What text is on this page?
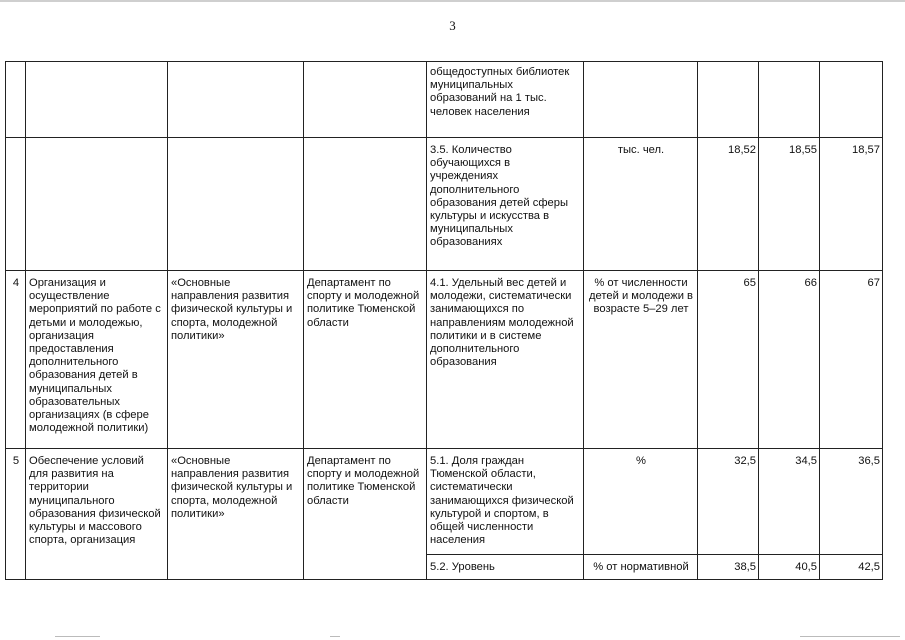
3
				общедоступных библиотек муниципальных образований на 1 тыс. человек населения				
				3.5. Количество обучающихся в учреждениях дополнительного образования детей сферы культуры и искусства в муниципальных образованиях	тыс. чел.	18,52	18,55	18,57
4	Организация и осуществление мероприятий по работе с детьми и молодежью, организация предоставления дополнительного образования детей в муниципальных образовательных организациях (в сфере молодежной политики)	«Основные направления развития физической культуры и спорта, молодежной политики»	Департамент по спорту и молодежной политике Тюменской области	4.1. Удельный вес детей и молодежи, систематически занимающихся по направлениям молодежной политики и в системе дополнительного образования	% от численности детей и молодежи в возрасте 5–29 лет	65	66	67
5	Обеспечение условий для развития на территории муниципального образования физической культуры и массового спорта, организация	«Основные направления развития физической культуры и спорта, молодежной политики»	Департамент по спорту и молодежной политике Тюменской области	5.1. Доля граждан Тюменской области, систематически занимающихся физической культурой и спортом, в общей численности населения	%	32,5	34,5	36,5
				5.2. Уровень	% от нормативной	38,5	40,5	42,5
